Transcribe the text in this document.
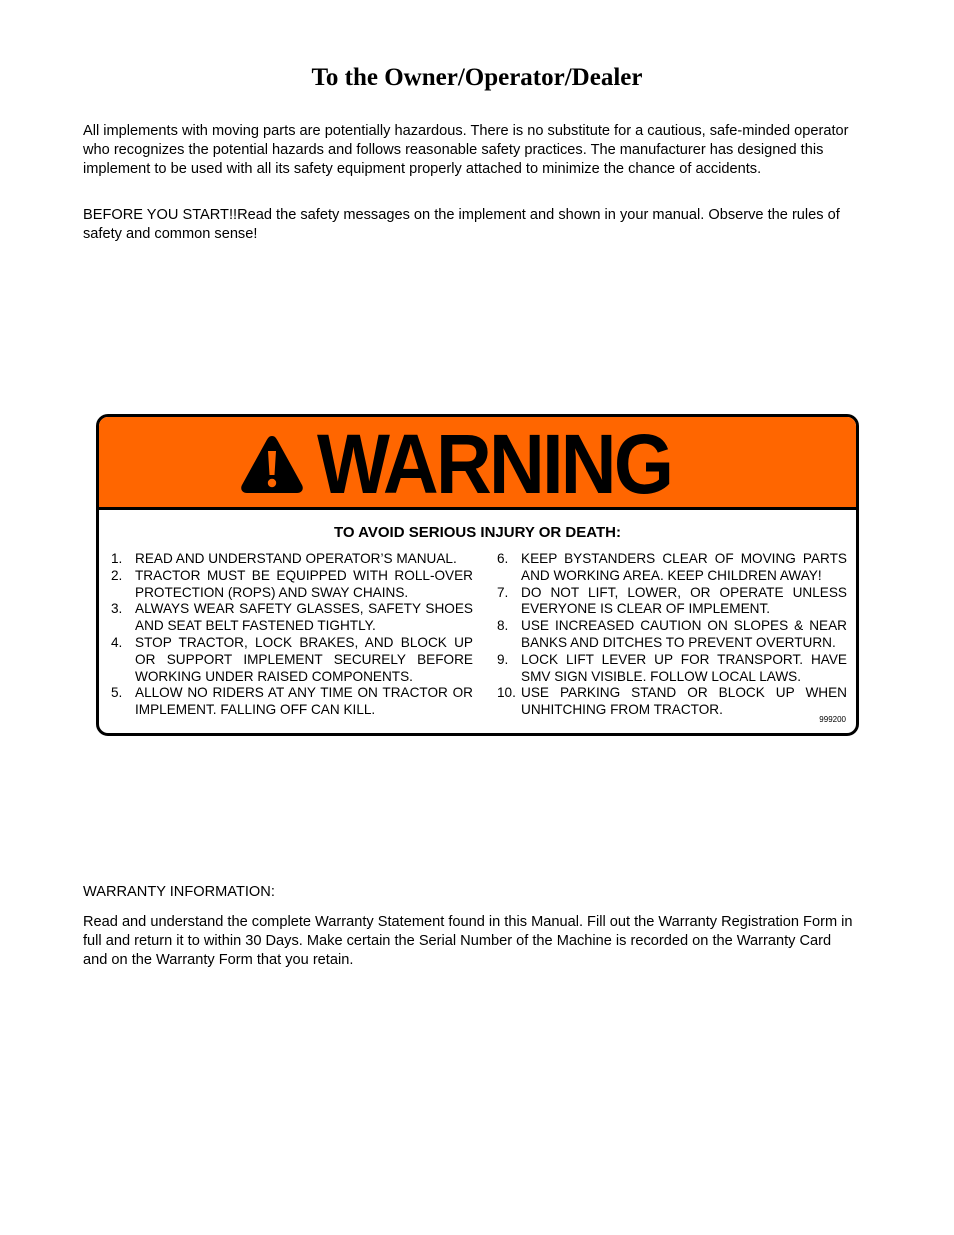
To the Owner/Operator/Dealer

All implements with moving parts are potentially hazardous. There is no substitute for a cautious, safe-minded operator who recognizes the potential hazards and follows reasonable safety practices. The manufacturer has designed this implement to be used with all its safety equipment properly attached to minimize the chance of accidents.

BEFORE YOU START!!Read the safety messages on the implement and shown in your manual. Observe the rules of safety and common sense!

WARNING
TO AVOID SERIOUS INJURY OR DEATH:
1. READ AND UNDERSTAND OPERATOR’S MANUAL.
2. TRACTOR MUST BE EQUIPPED WITH ROLL-OVER PROTECTION (ROPS) AND SWAY CHAINS.
3. ALWAYS WEAR SAFETY GLASSES, SAFETY SHOES AND SEAT BELT FASTENED TIGHTLY.
4. STOP TRACTOR, LOCK BRAKES, AND BLOCK UP OR SUPPORT IMPLEMENT SECURELY BEFORE WORKING UNDER RAISED COMPONENTS.
5. ALLOW NO RIDERS AT ANY TIME ON TRACTOR OR IMPLEMENT. FALLING OFF CAN KILL.
6. KEEP BYSTANDERS CLEAR OF MOVING PARTS AND WORKING AREA. KEEP CHILDREN AWAY!
7. DO NOT LIFT, LOWER, OR OPERATE UNLESS EVERYONE IS CLEAR OF IMPLEMENT.
8. USE INCREASED CAUTION ON SLOPES & NEAR BANKS AND DITCHES TO PREVENT OVERTURN.
9. LOCK LIFT LEVER UP FOR TRANSPORT. HAVE SMV SIGN VISIBLE. FOLLOW LOCAL LAWS.
10. USE PARKING STAND OR BLOCK UP WHEN UNHITCHING FROM TRACTOR.
999200

WARRANTY INFORMATION:

Read and understand the complete Warranty Statement found in this Manual. Fill out the Warranty Registration Form in full and return it to within 30 Days. Make certain the Serial Number of the Machine is recorded on the Warranty Card and on the Warranty Form that you retain.
